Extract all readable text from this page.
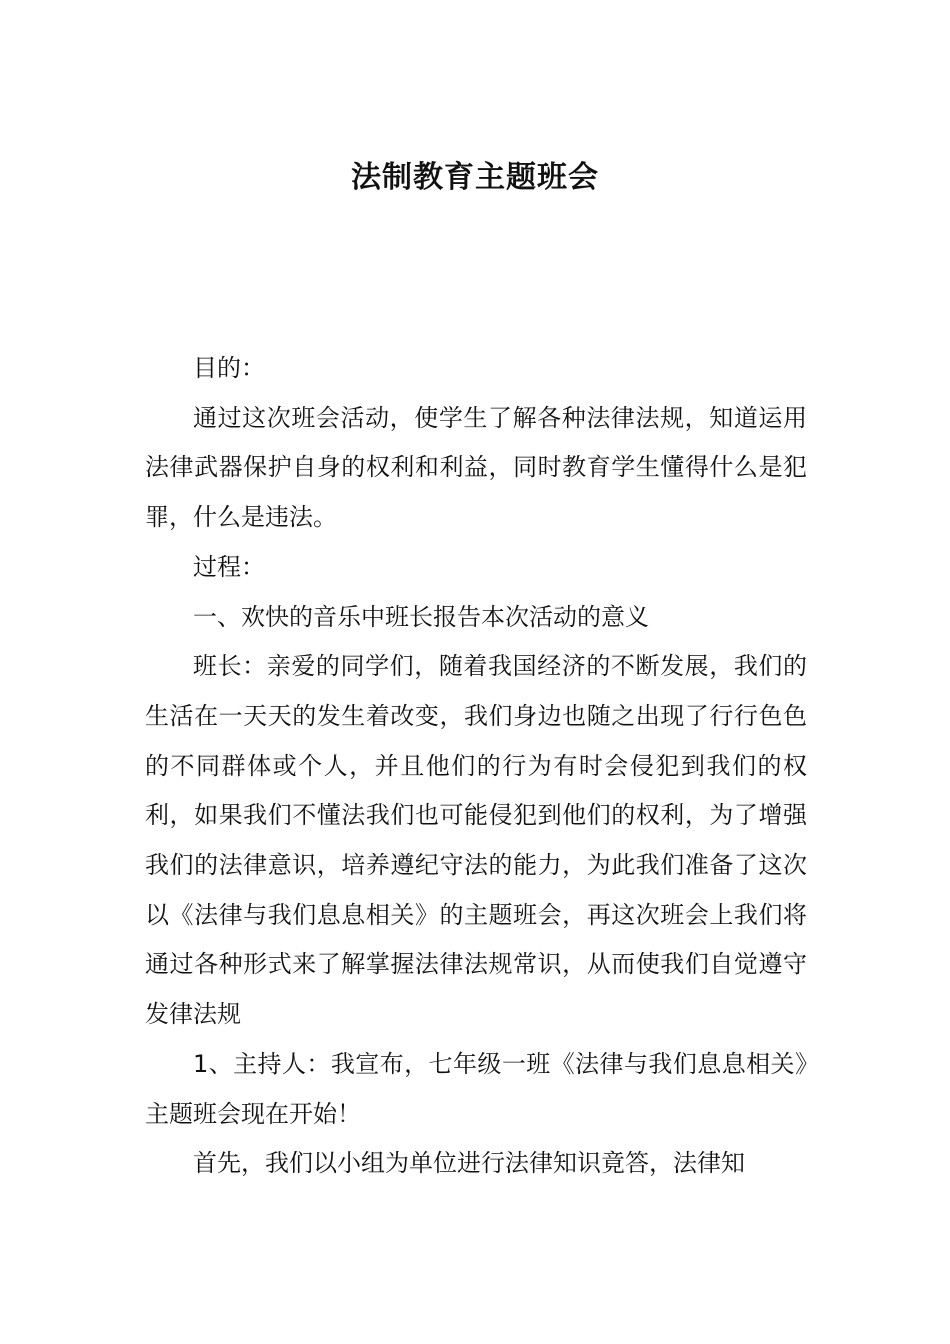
法制教育主题班会

目的：

通过这次班会活动，使学生了解各种法律法规，知道运用法律武器保护自身的权利和利益，同时教育学生懂得什么是犯罪，什么是违法。

过程：

一、欢快的音乐中班长报告本次活动的意义

班长：亲爱的同学们，随着我国经济的不断发展，我们的生活在一天天的发生着改变，我们身边也随之出现了行行色色的不同群体或个人，并且他们的行为有时会侵犯到我们的权利，如果我们不懂法我们也可能侵犯到他们的权利，为了增强我们的法律意识，培养遵纪守法的能力，为此我们准备了这次以《法律与我们息息相关》的主题班会，再这次班会上我们将通过各种形式来了解掌握法律法规常识，从而使我们自觉遵守发律法规

1、主持人：我宣布，七年级一班《法律与我们息息相关》主题班会现在开始！

首先，我们以小组为单位进行法律知识竟答，法律知
